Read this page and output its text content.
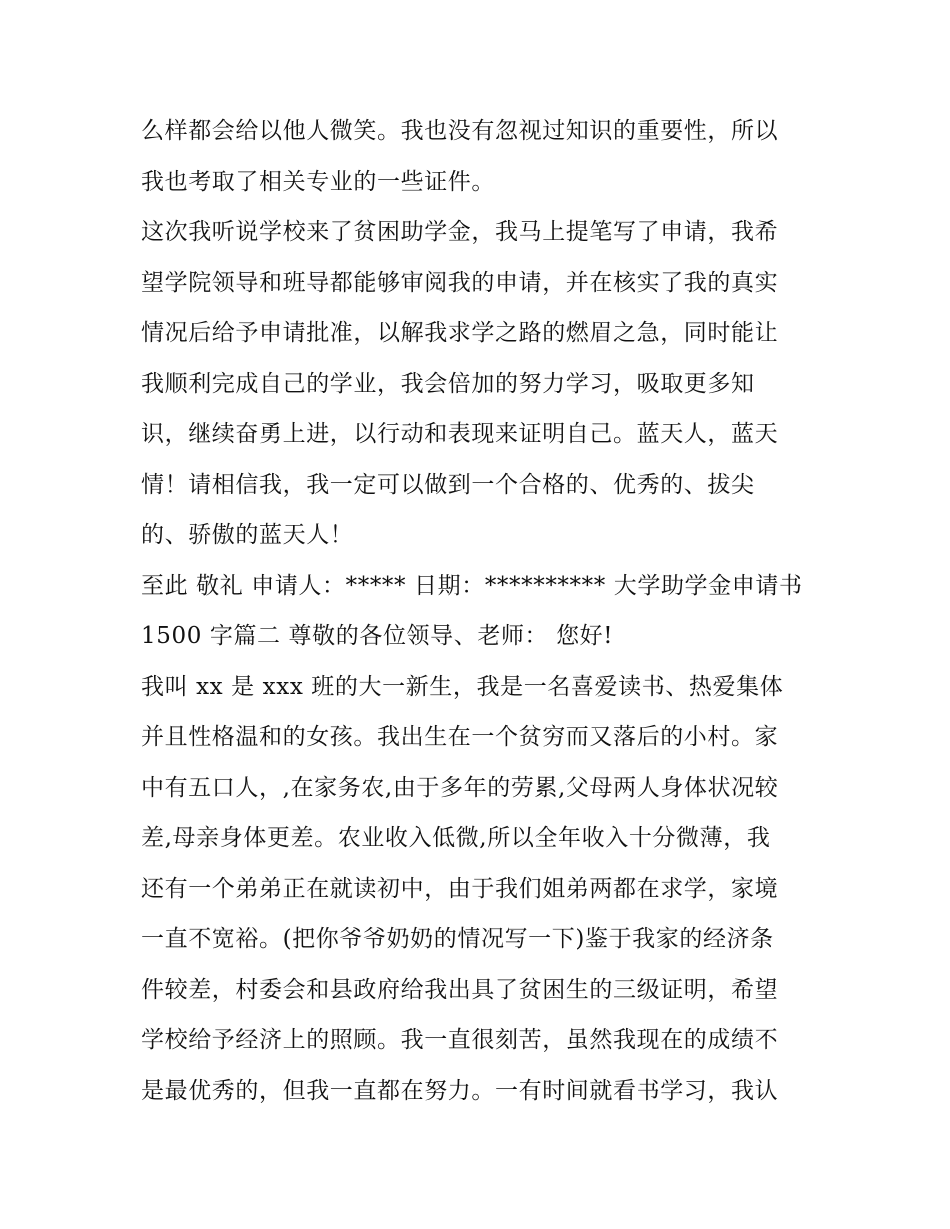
么样都会给以他人微笑。我也没有忽视过知识的重要性，所以
我也考取了相关专业的一些证件。
这次我听说学校来了贫困助学金，我马上提笔写了申请，我希
望学院领导和班导都能够审阅我的申请，并在核实了我的真实
情况后给予申请批准，以解我求学之路的燃眉之急，同时能让
我顺利完成自己的学业，我会倍加的努力学习，吸取更多知
识，继续奋勇上进，以行动和表现来证明自己。蓝天人，蓝天
情！请相信我，我一定可以做到一个合格的、优秀的、拔尖
的、骄傲的蓝天人！
至此 敬礼 申请人：***** 日期：********** 大学助学金申请书
1500 字篇二 尊敬的各位领导、老师： 您好!
我叫 xx 是 xxx 班的大一新生，我是一名喜爱读书、热爱集体
并且性格温和的女孩。我出生在一个贫穷而又落后的小村。家
中有五口人，,在家务农,由于多年的劳累,父母两人身体状况较
差,母亲身体更差。农业收入低微,所以全年收入十分微薄，我
还有一个弟弟正在就读初中，由于我们姐弟两都在求学，家境
一直不宽裕。(把你爷爷奶奶的情况写一下)鉴于我家的经济条
件较差，村委会和县政府给我出具了贫困生的三级证明，希望
学校给予经济上的照顾。我一直很刻苦，虽然我现在的成绩不
是最优秀的，但我一直都在努力。一有时间就看书学习，我认
